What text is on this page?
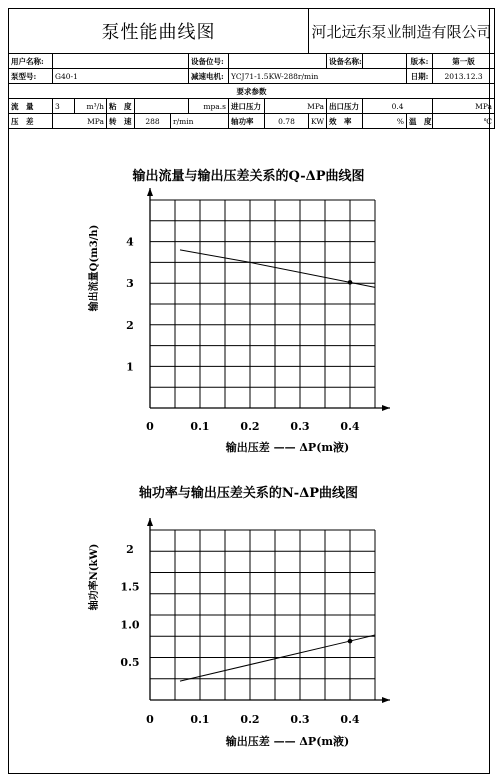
泵性能曲线图									河北远东泵业制造有限公司				
用户名称:						设备位号:				设备名称:		版本:	第一版
泵型号:	G40-1					减速电机:	YCJ71-1.5KW-288r/min					日期:	2013.12.3
要求参数													
流　量	3	m³/h	粘　度			mpa.s	进口压力	MPa		出口压力	0.4		MPa
压　差	MPa		转　速	288	r/min		轴功率	0.78	KW	效　率	%	温　度	℃
输出流量与输出压差关系的Q-ΔP曲线图
0	0.1	0.2	0.3	0.4
1
2
3
4
输出压差 —— ΔP(m液)
输出流量Q(m3/h)
轴功率与输出压差关系的N-ΔP曲线图
0	0.1	0.2	0.3	0.4
0.5
1.0
1.5
2
输出压差 —— ΔP(m液)
轴功率N(kW)
